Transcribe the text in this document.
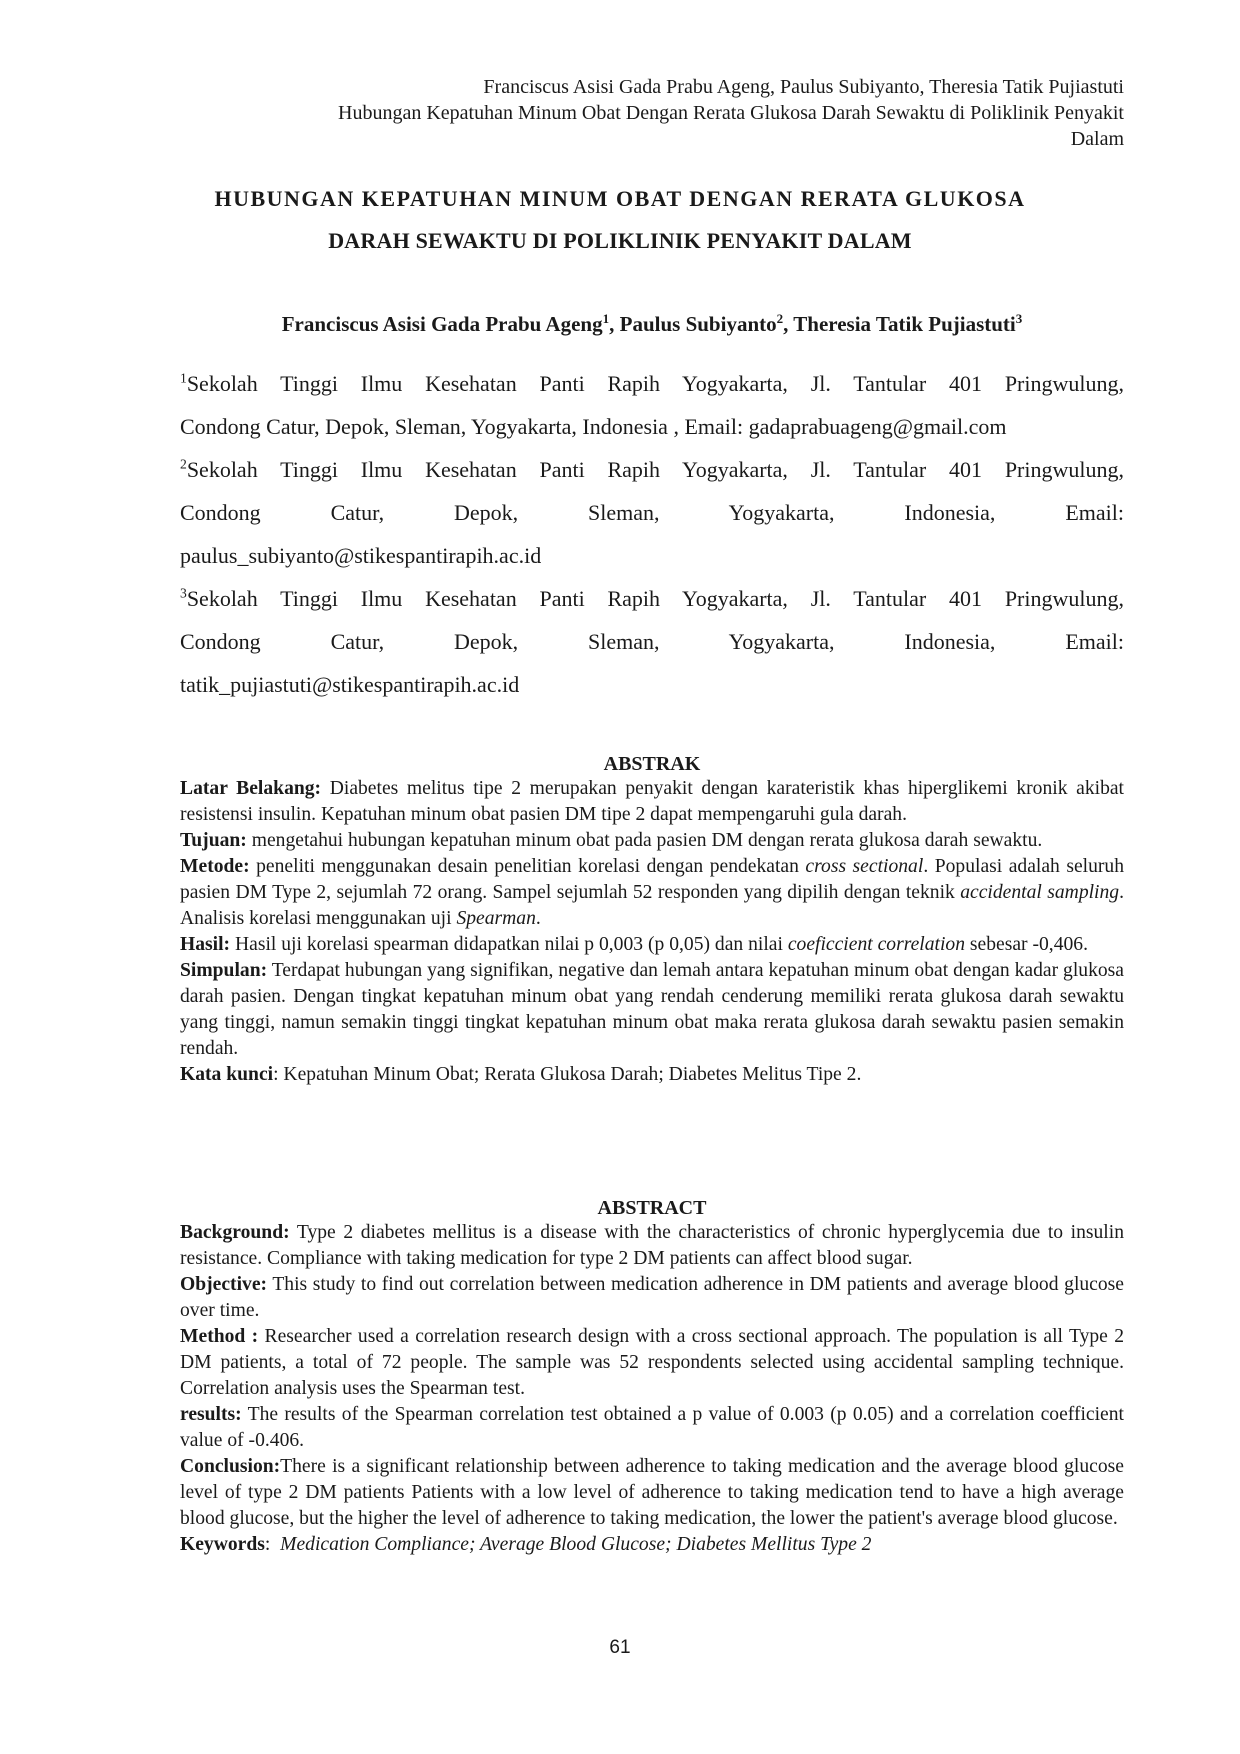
Franciscus Asisi Gada Prabu Ageng, Paulus Subiyanto, Theresia Tatik Pujiastuti
Hubungan Kepatuhan Minum Obat Dengan Rerata Glukosa Darah Sewaktu di Poliklinik Penyakit
Dalam
HUBUNGAN KEPATUHAN MINUM OBAT DENGAN RERATA GLUKOSA
DARAH SEWAKTU DI POLIKLINIK PENYAKIT DALAM
Franciscus Asisi Gada Prabu Ageng$^1$, Paulus Subiyanto$^2$, Theresia Tatik Pujiastuti$^3$
$^1$Sekolah Tinggi Ilmu Kesehatan Panti Rapih Yogyakarta, Jl. Tantular 401 Pringwulung,
Condong Catur, Depok, Sleman, Yogyakarta, Indonesia , Email: gadaprabuageng@gmail.com
$^2$Sekolah Tinggi Ilmu Kesehatan Panti Rapih Yogyakarta, Jl. Tantular 401 Pringwulung,
Condong Catur, Depok, Sleman, Yogyakarta, Indonesia, Email:
paulus_subiyanto@stikespantirapih.ac.id
$^3$Sekolah Tinggi Ilmu Kesehatan Panti Rapih Yogyakarta, Jl. Tantular 401 Pringwulung,
Condong Catur, Depok, Sleman, Yogyakarta, Indonesia, Email:
tatik_pujiastuti@stikespantirapih.ac.id
ABSTRAK

Latar Belakang: Diabetes melitus tipe 2 merupakan penyakit dengan karateristik khas hiperglikemi kronik akibat resistensi insulin. Kepatuhan minum obat pasien DM tipe 2 dapat mempengaruhi gula darah.

Tujuan: mengetahui hubungan kepatuhan minum obat pada pasien DM dengan rerata glukosa darah sewaktu.

Metode: peneliti menggunakan desain penelitian korelasi dengan pendekatan cross sectional. Populasi adalah seluruh pasien DM Type 2, sejumlah 72 orang. Sampel sejumlah 52 responden yang dipilih dengan teknik accidental sampling. Analisis korelasi menggunakan uji Spearman.

Hasil: Hasil uji korelasi spearman didapatkan nilai p 0,003 (p 0,05) dan nilai coeficcient correlation sebesar -0,406.

Simpulan: Terdapat hubungan yang signifikan, negative dan lemah antara kepatuhan minum obat dengan kadar glukosa darah pasien. Dengan tingkat kepatuhan minum obat yang rendah cenderung memiliki rerata glukosa darah sewaktu yang tinggi, namun semakin tinggi tingkat kepatuhan minum obat maka rerata glukosa darah sewaktu pasien semakin rendah.

Kata kunci: Kepatuhan Minum Obat; Rerata Glukosa Darah; Diabetes Melitus Tipe 2.

ABSTRACT

Background: Type 2 diabetes mellitus is a disease with the characteristics of chronic hyperglycemia due to insulin resistance. Compliance with taking medication for type 2 DM patients can affect blood sugar.

Objective: This study to find out correlation between medication adherence in DM patients and average blood glucose over time.

Method : Researcher used a correlation research design with a cross sectional approach. The population is all Type 2 DM patients, a total of 72 people. The sample was 52 respondents selected using accidental sampling technique. Correlation analysis uses the Spearman test.

results: The results of the Spearman correlation test obtained a p value of 0.003 (p 0.05) and a correlation coefficient value of -0.406.

Conclusion:There is a significant relationship between adherence to taking medication and the average blood glucose level of type 2 DM patients Patients with a low level of adherence to taking medication tend to have a high average blood glucose, but the higher the level of adherence to taking medication, the lower the patient's average blood glucose.

Keywords:  Medication Compliance; Average Blood Glucose; Diabetes Mellitus Type 2

61
